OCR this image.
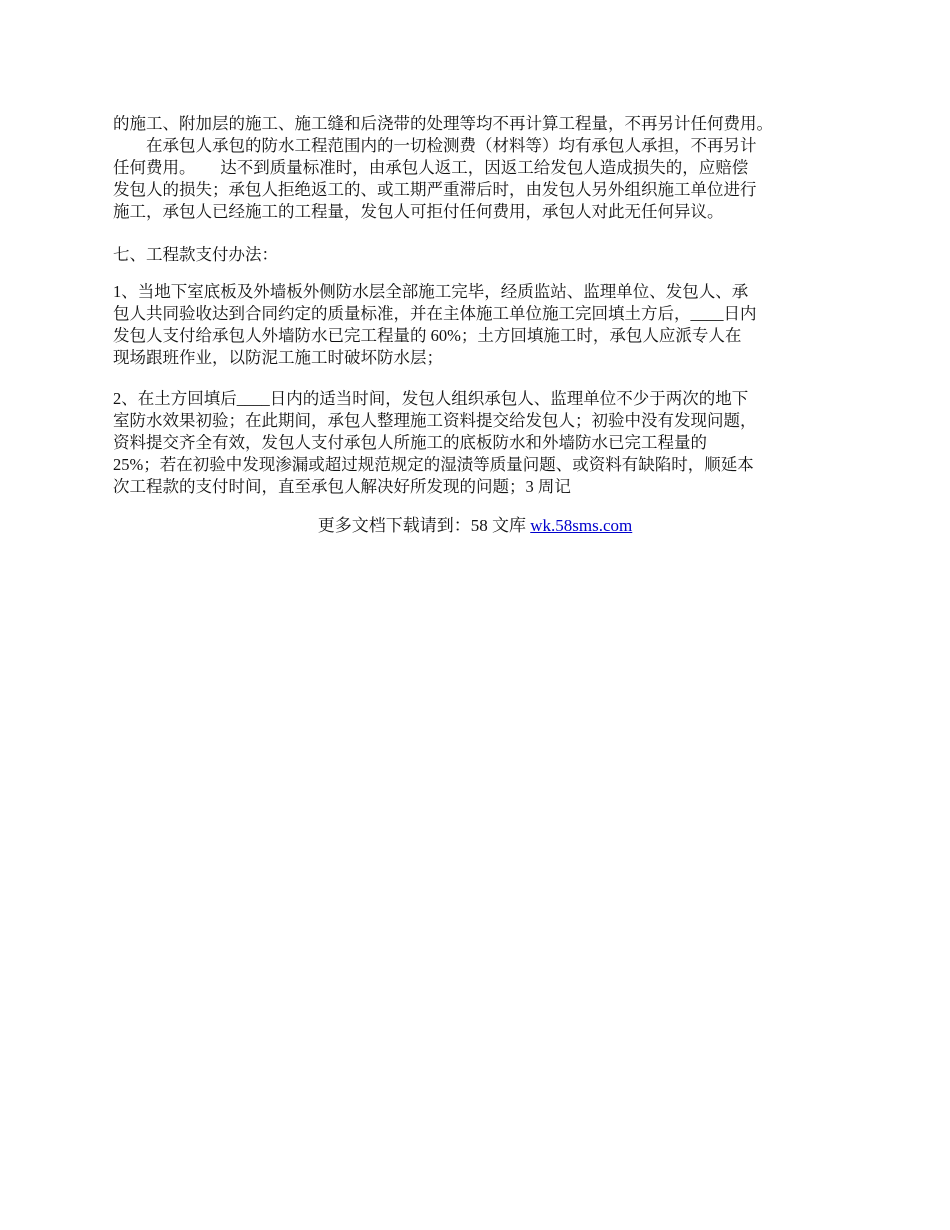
的施工、附加层的施工、施工缝和后浇带的处理等均不再计算工程量，不再另计任何费用。
　　在承包人承包的防水工程范围内的一切检测费（材料等）均有承包人承担，不再另计
任何费用。　　达不到质量标准时，由承包人返工，因返工给发包人造成损失的，应赔偿
发包人的损失；承包人拒绝返工的、或工期严重滞后时，由发包人另外组织施工单位进行
施工，承包人已经施工的工程量，发包人可拒付任何费用，承包人对此无任何异议。
七、工程款支付办法：
1、当地下室底板及外墙板外侧防水层全部施工完毕，经质监站、监理单位、发包人、承
包人共同验收达到合同约定的质量标准，并在主体施工单位施工完回填土方后，____日内
发包人支付给承包人外墙防水已完工程量的 60%；土方回填施工时，承包人应派专人在
现场跟班作业，以防泥工施工时破坏防水层；
2、在土方回填后____日内的适当时间，发包人组织承包人、监理单位不少于两次的地下
室防水效果初验；在此期间，承包人整理施工资料提交给发包人；初验中没有发现问题，
资料提交齐全有效，发包人支付承包人所施工的底板防水和外墙防水已完工程量的
25%；若在初验中发现渗漏或超过规范规定的湿渍等质量问题、或资料有缺陷时，顺延本
次工程款的支付时间，直至承包人解决好所发现的问题；3 周记
更多文档下载请到：58 文库 wk.58sms.com
